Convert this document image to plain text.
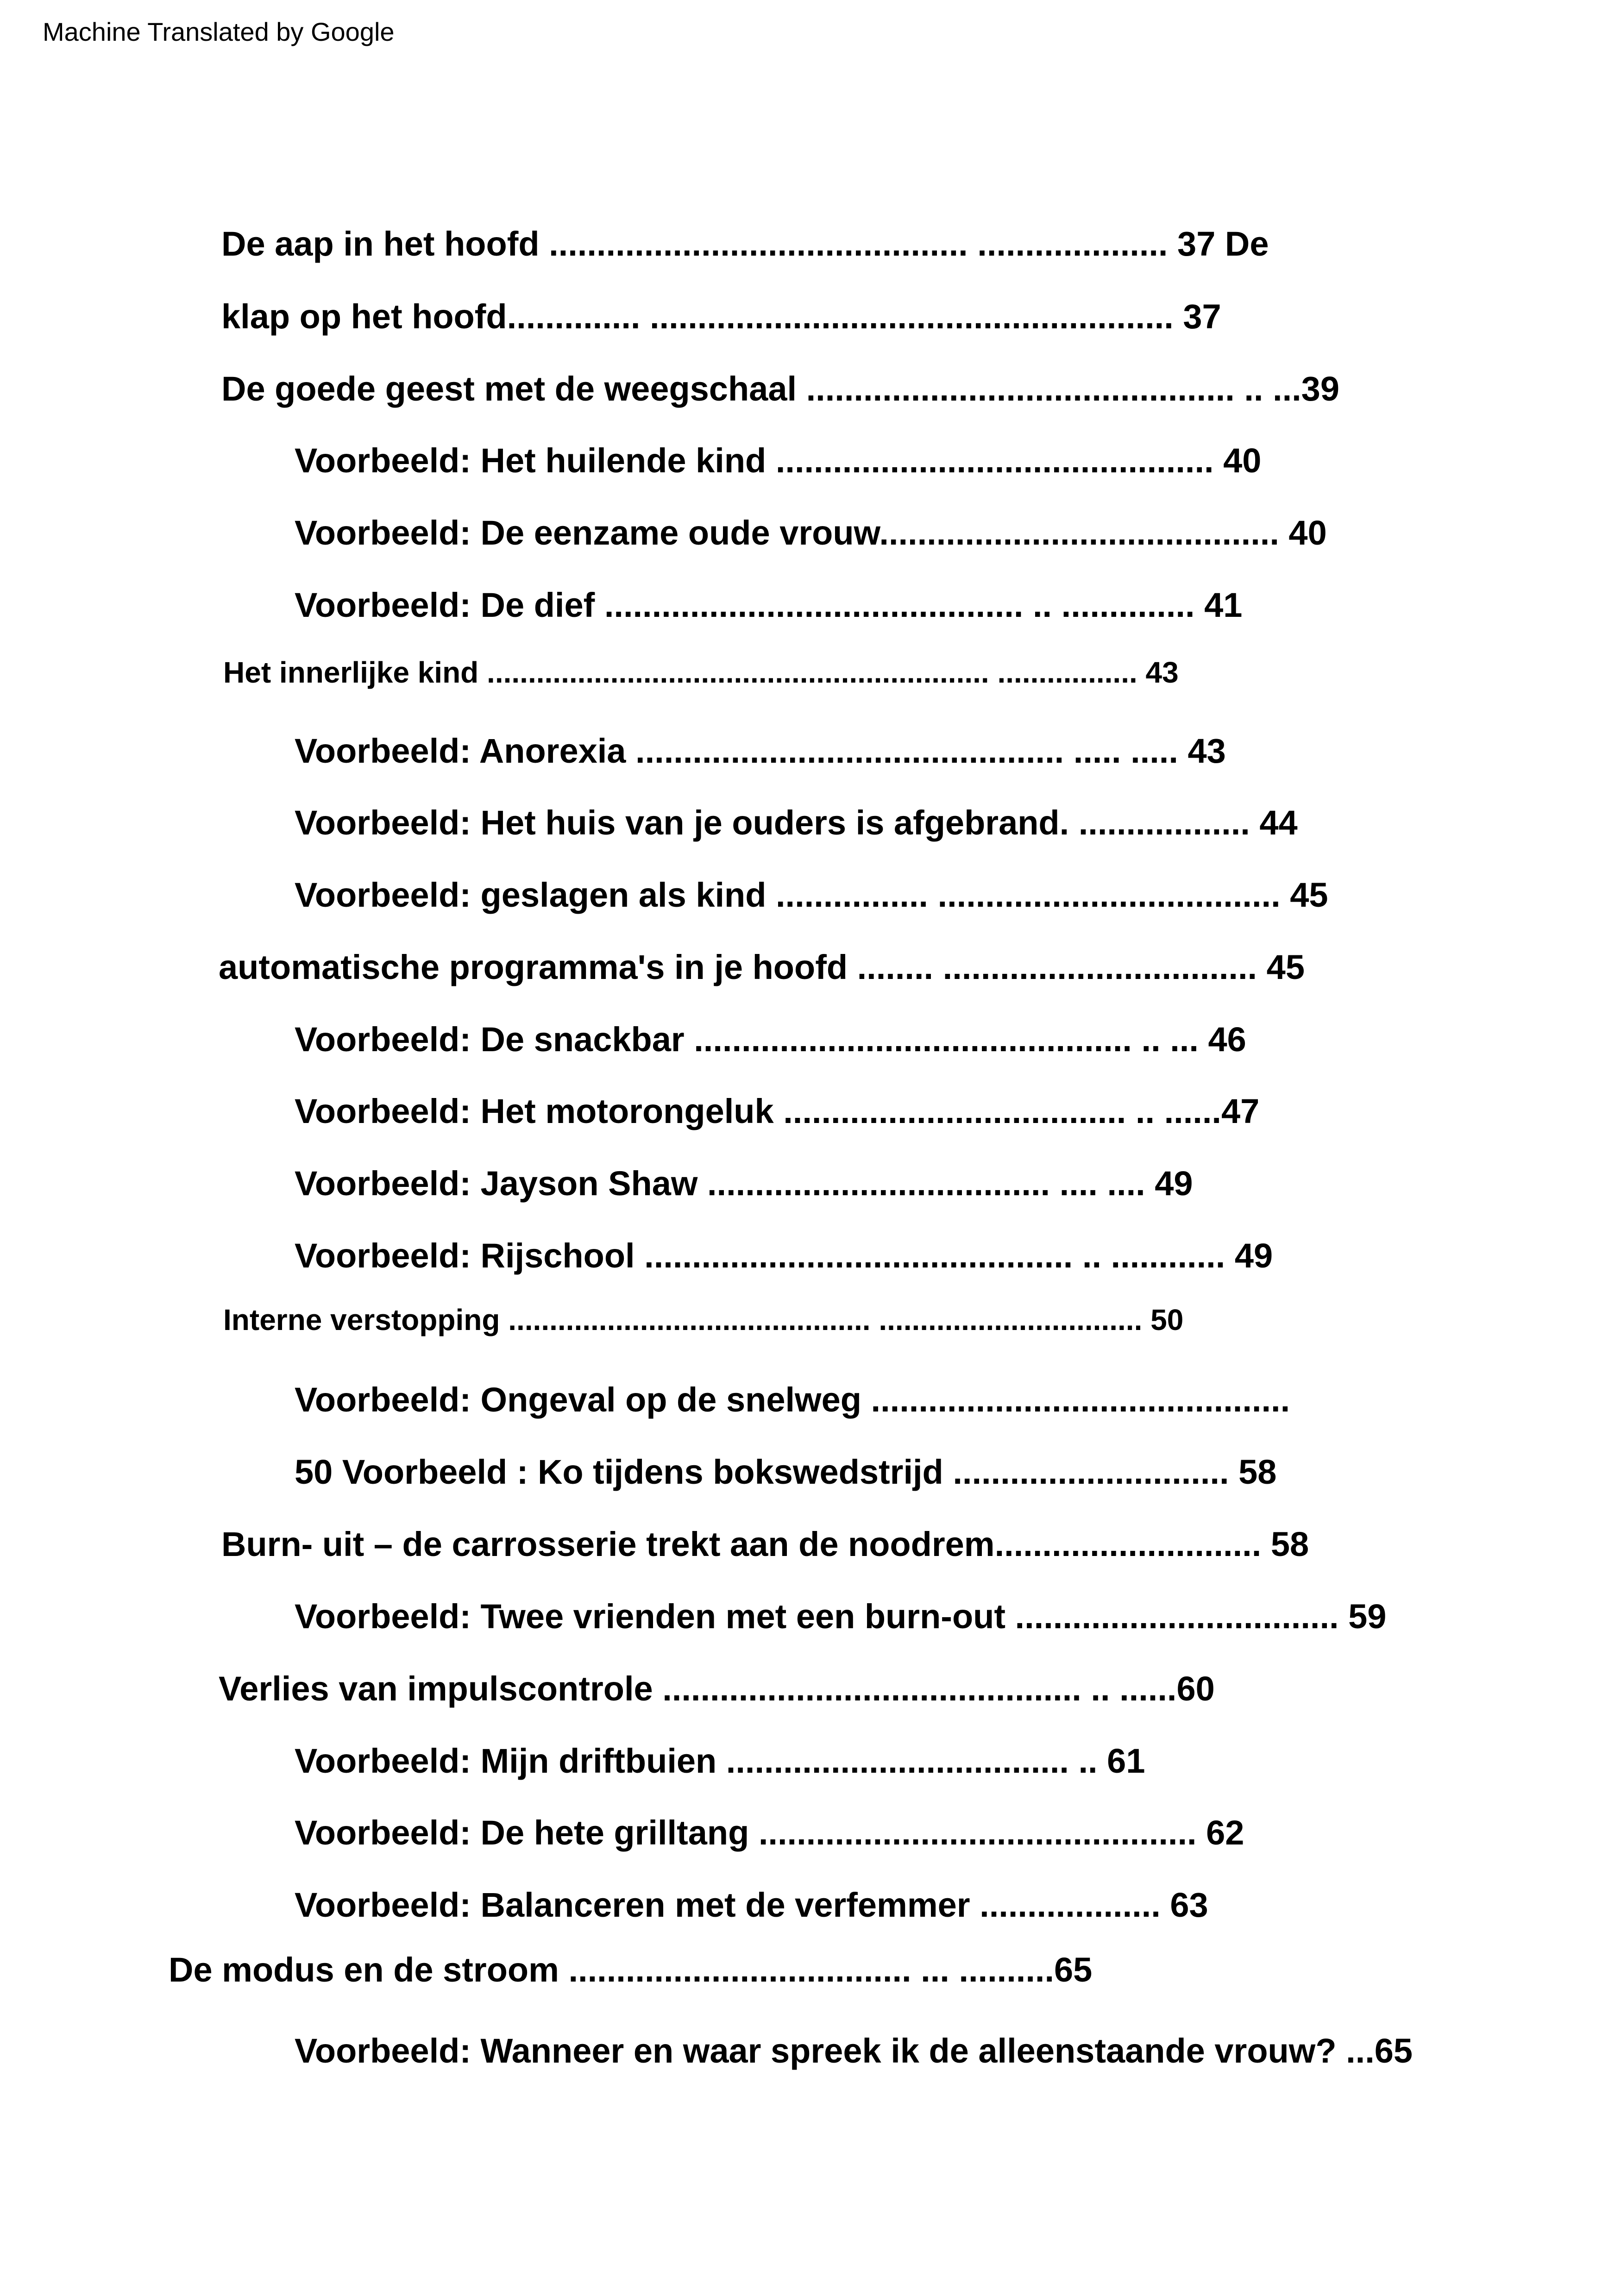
Machine Translated by Google
De aap in het hoofd ............................................ .................... 37 De
klap op het hoofd.............. ....................................................... 37
De goede geest met de weegschaal ............................................. .. ...39
Voorbeeld: Het huilende kind .............................................. 40
Voorbeeld: De eenzame oude vrouw.......................................... 40
Voorbeeld: De dief ............................................ .. .............. 41
Het innerlijke kind ............................................................. ................. 43
Voorbeeld: Anorexia ............................................. ..... ..... 43
Voorbeeld: Het huis van je ouders is afgebrand. .................. 44
Voorbeeld: geslagen als kind ................ .................................... 45
automatische programma's in je hoofd ........ ................................. 45
Voorbeeld: De snackbar .............................................. .. ... 46
Voorbeeld: Het motorongeluk .................................... .. ......47
Voorbeeld: Jayson Shaw .................................... .... .... 49
Voorbeeld: Rijschool ............................................. .. ............ 49
Interne verstopping ............................................ ................................ 50
Voorbeeld: Ongeval op de snelweg ............................................
50 Voorbeeld : Ko tijdens bokswedstrijd ............................. 58
Burn- uit – de carrosserie trekt aan de noodrem............................ 58
Voorbeeld: Twee vrienden met een burn-out .................................. 59
Verlies van impulscontrole ............................................ .. ......60
Voorbeeld: Mijn driftbuien .................................... .. 61
Voorbeeld: De hete grilltang .............................................. 62
Voorbeeld: Balanceren met de verfemmer ................... 63
De modus en de stroom .................................... ... ..........65
Voorbeeld: Wanneer en waar spreek ik de alleenstaande vrouw? ...65
